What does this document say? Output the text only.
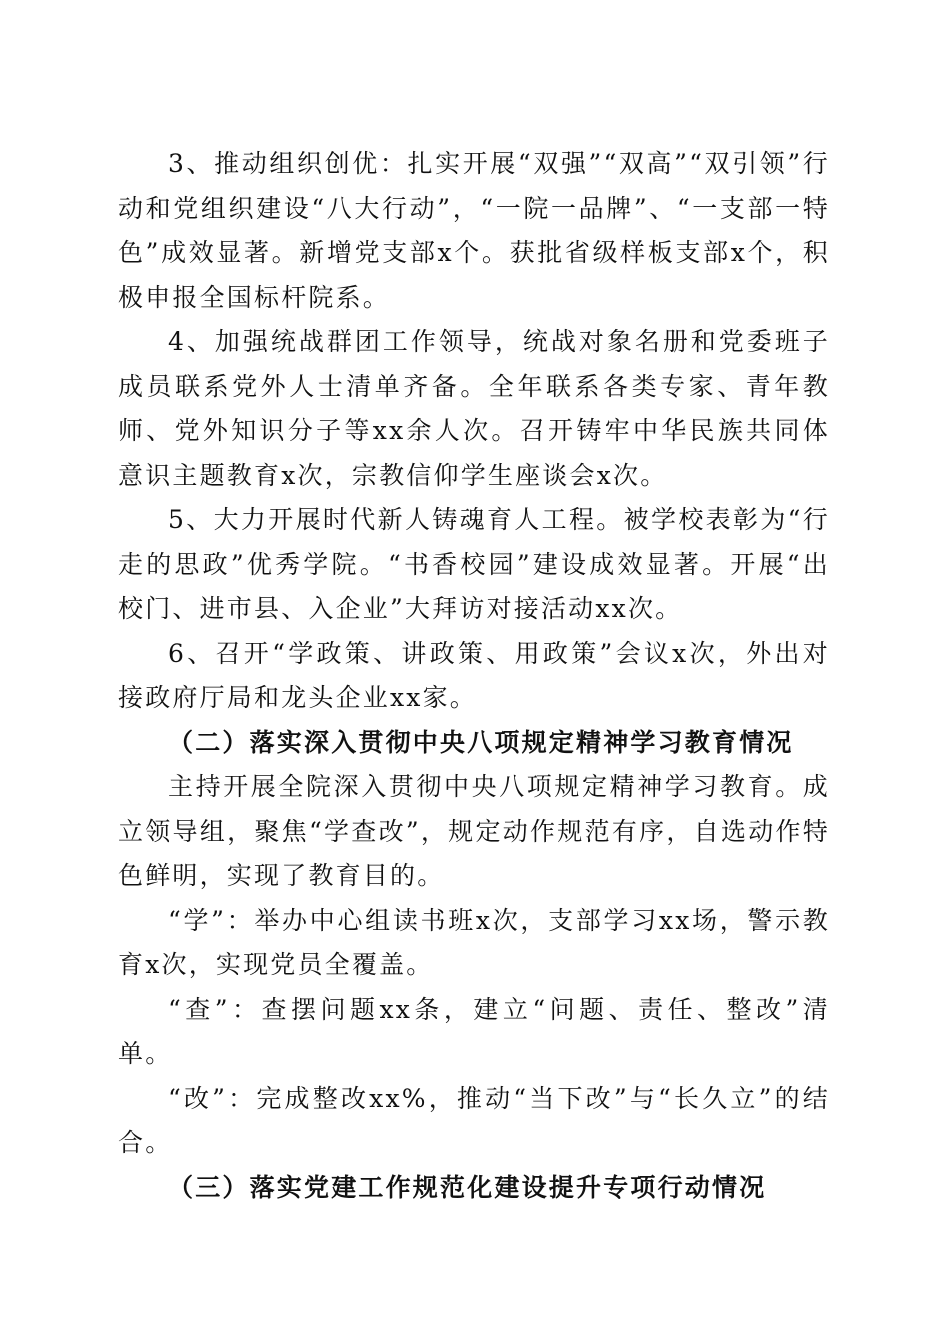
3、推动组织创优：扎实开展“双强”“双高”“双引领”行动和党组织建设“八大行动”，“一院一品牌”、“一支部一特色”成效显著。新增党支部x个。获批省级样板支部x个，积极申报全国标杆院系。

4、加强统战群团工作领导，统战对象名册和党委班子成员联系党外人士清单齐备。全年联系各类专家、青年教师、党外知识分子等xx余人次。召开铸牢中华民族共同体意识主题教育x次，宗教信仰学生座谈会x次。

5、大力开展时代新人铸魂育人工程。被学校表彰为“行走的思政”优秀学院。“书香校园”建设成效显著。开展“出校门、进市县、入企业”大拜访对接活动xx次。

6、召开“学政策、讲政策、用政策”会议x次，外出对接政府厅局和龙头企业xx家。

（二）落实深入贯彻中央八项规定精神学习教育情况

主持开展全院深入贯彻中央八项规定精神学习教育。成立领导组，聚焦“学查改”，规定动作规范有序，自选动作特色鲜明，实现了教育目的。

“学”：举办中心组读书班x次，支部学习xx场，警示教育x次，实现党员全覆盖。

“查”：查摆问题xx条，建立“问题、责任、整改”清单。

“改”：完成整改xx%，推动“当下改”与“长久立”的结合。

（三）落实党建工作规范化建设提升专项行动情况
